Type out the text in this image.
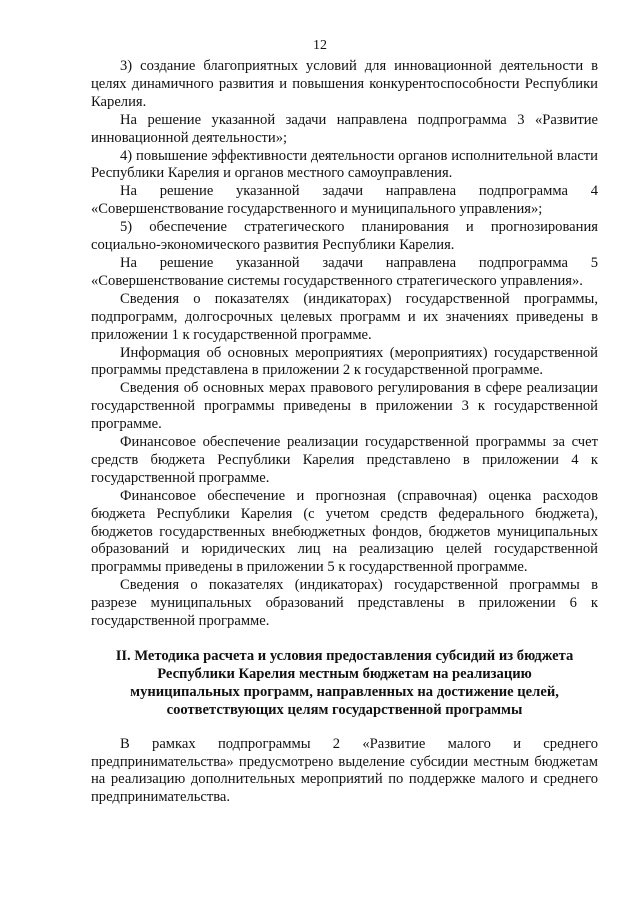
12

3) создание благоприятных условий для инновационной деятельности в целях динамичного развития и повышения конкурентоспособности Республики Карелия.

На решение указанной задачи направлена подпрограмма 3 «Развитие инновационной деятельности»;

4) повышение эффективности деятельности органов исполнительной власти Республики Карелия и органов местного самоуправления.

На решение указанной задачи направлена подпрограмма 4 «Совершенствование государственного и муниципального управления»;

5) обеспечение стратегического планирования и прогнозирования социально-экономического развития Республики Карелия.

На решение указанной задачи направлена подпрограмма 5 «Совершенствование системы государственного стратегического управления».

Сведения о показателях (индикаторах) государственной программы, подпрограмм, долгосрочных целевых программ и их значениях приведены в приложении 1 к государственной программе.

Информация об основных мероприятиях (мероприятиях) государственной программы представлена в приложении 2 к государственной программе.

Сведения об основных мерах правового регулирования в сфере реализации государственной программы приведены в приложении 3 к государственной программе.

Финансовое обеспечение реализации государственной программы за счет средств бюджета Республики Карелия представлено в приложении 4 к государственной программе.

Финансовое обеспечение и прогнозная (справочная) оценка расходов бюджета Республики Карелия (с учетом средств федерального бюджета), бюджетов государственных внебюджетных фондов, бюджетов муниципальных образований и юридических лиц на реализацию целей государственной программы приведены в приложении 5 к государственной программе.

Сведения о показателях (индикаторах) государственной программы в разрезе муниципальных образований представлены в приложении 6 к государственной программе.

II. Методика расчета и условия предоставления субсидий из бюджета
Республики Карелия местным бюджетам на реализацию
муниципальных программ, направленных на достижение целей,
соответствующих целям государственной программы

В рамках подпрограммы 2 «Развитие малого и среднего предпринимательства» предусмотрено выделение субсидии местным бюджетам на реализацию дополнительных мероприятий по поддержке малого и среднего предпринимательства.
